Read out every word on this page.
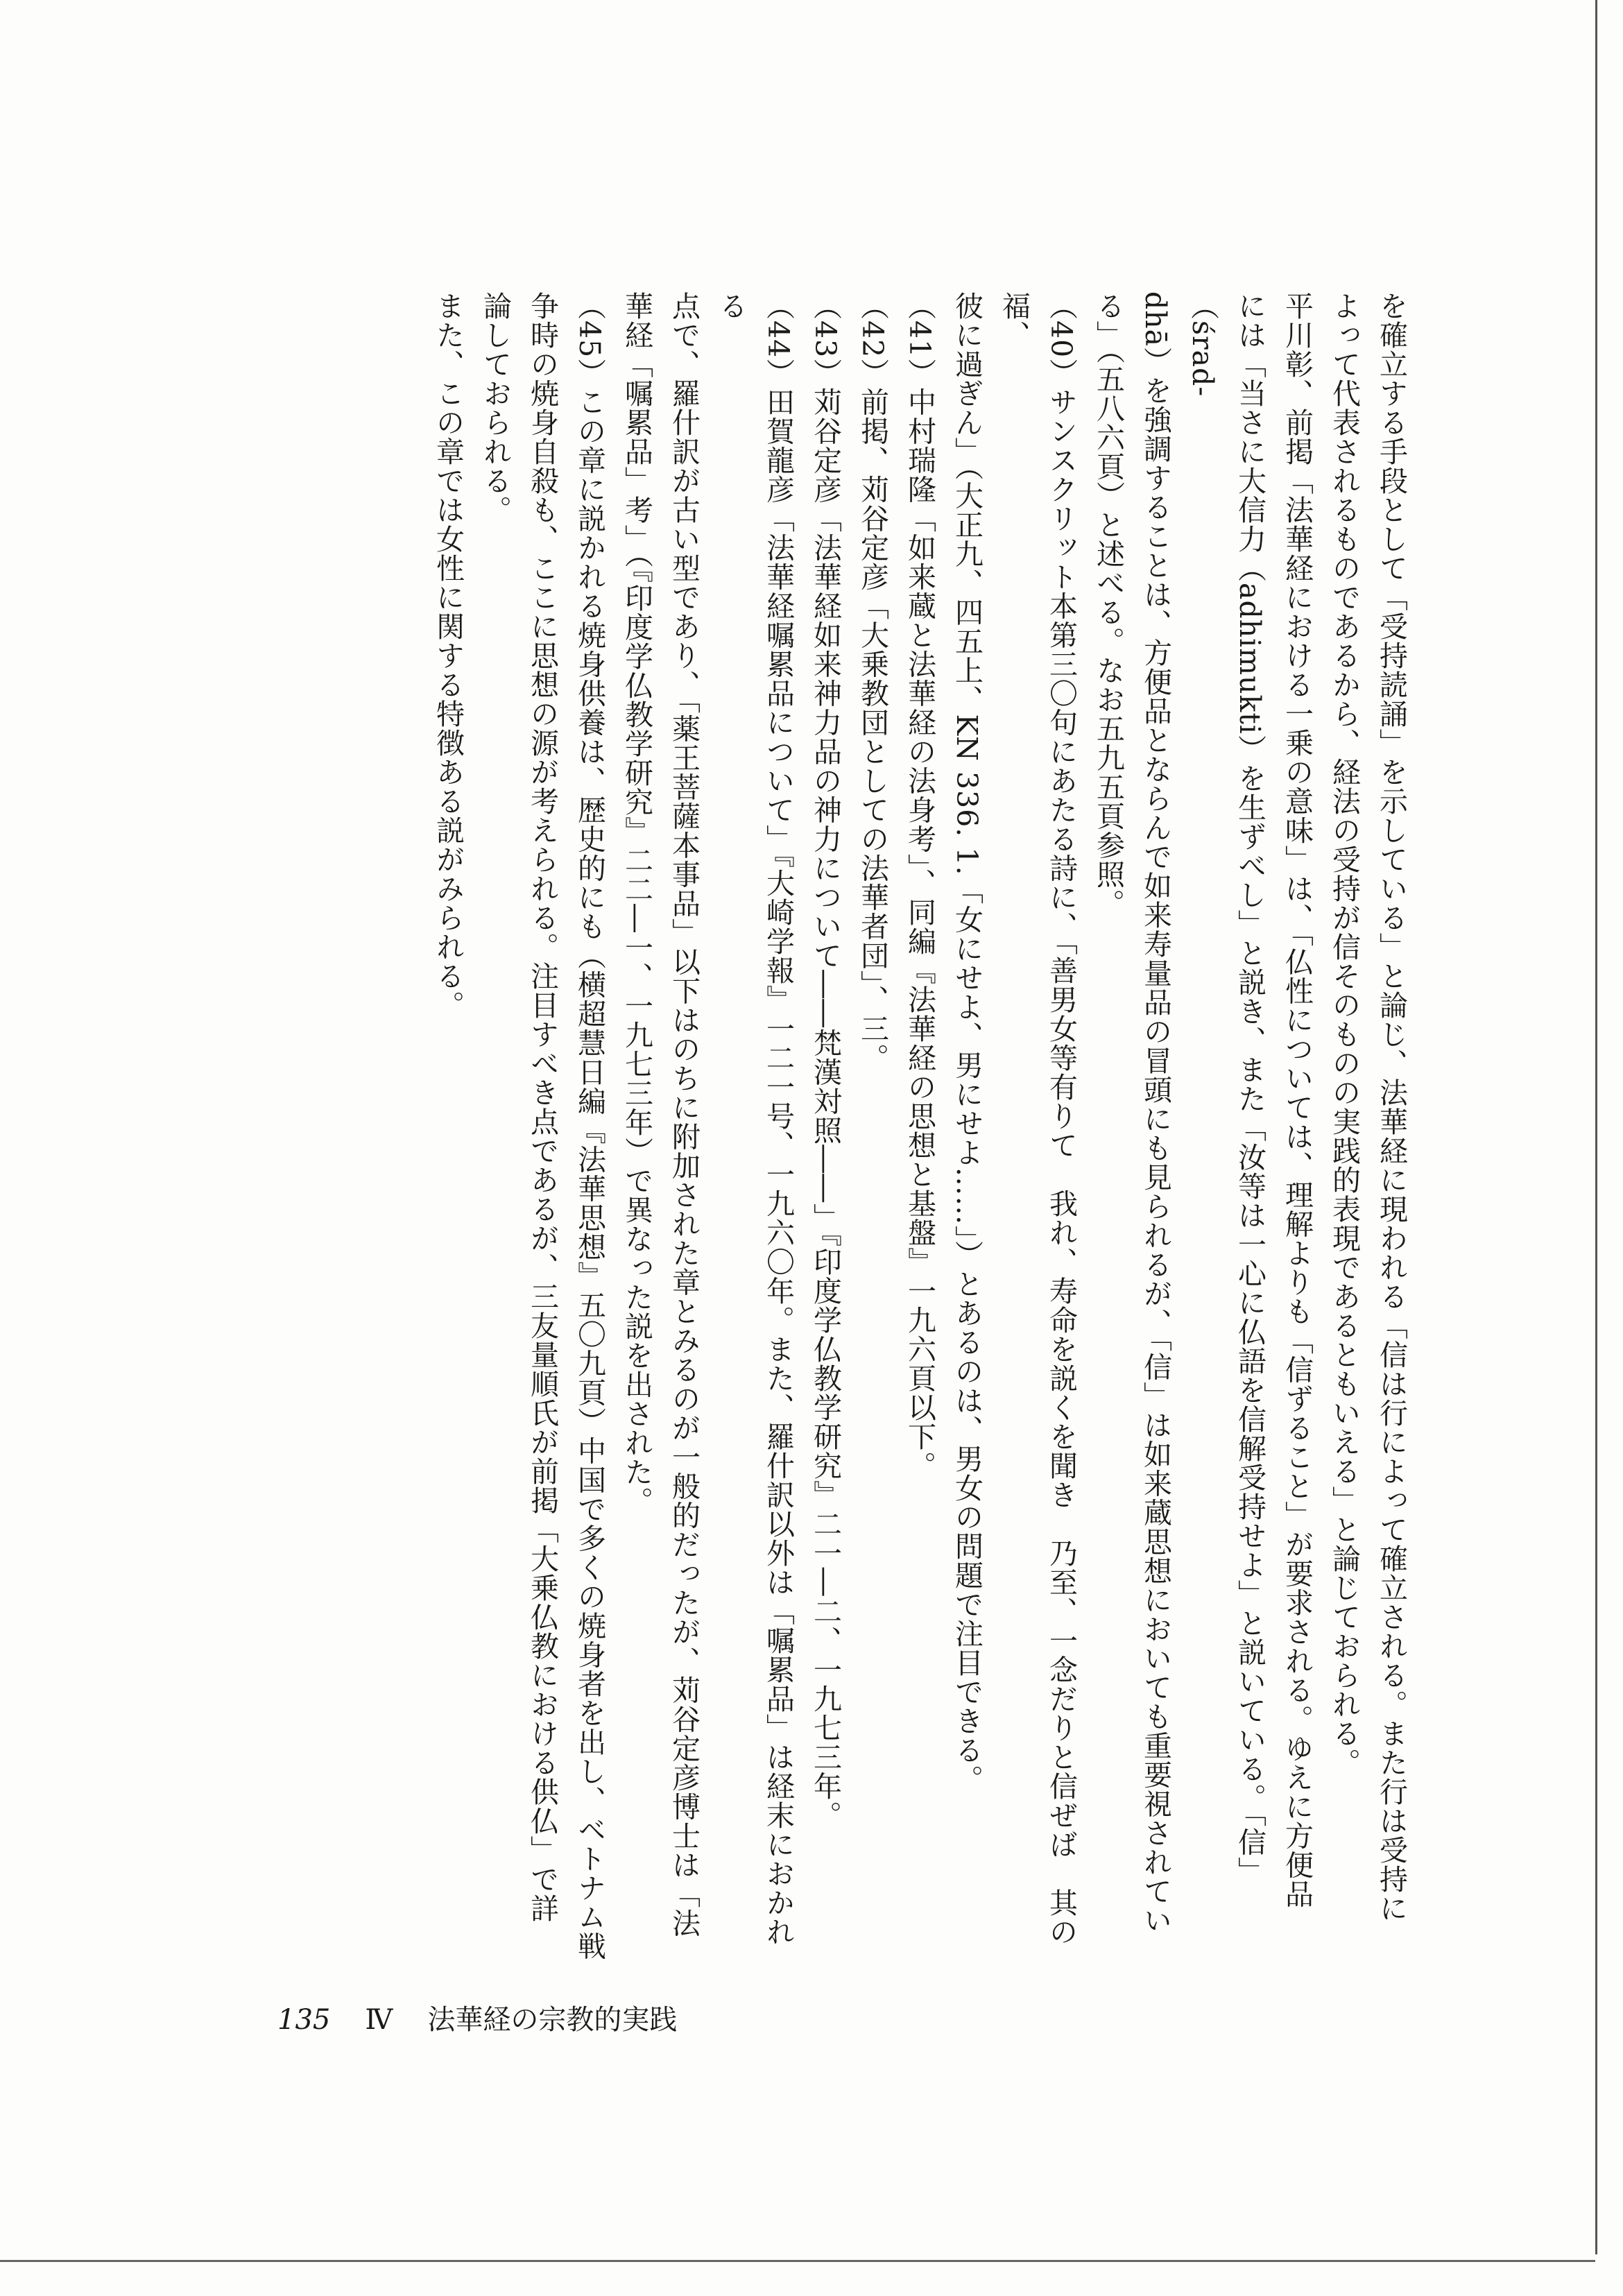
を確立する手段として「受持読誦」を示している」と論じ、法華経に現われる「信は行によって確立される。また行は受持に

よって代表されるものであるから、経法の受持が信そのものの実践的表現であるともいえる」と論じておられる。

平川彰、前掲「法華経における一乗の意味」は、「仏性については、理解よりも「信ずること」が要求される。ゆえに方便品

には「当さに大信力（adhimukti）を生ずべし」と説き、また「汝等は一心に仏語を信解受持せよ」と説いている。「信」（śrad-

dhā）を強調することは、方便品とならんで如来寿量品の冒頭にも見られるが、「信」は如来蔵思想においても重要視されてい

る」（五八六頁）と述べる。なお五九五頁参照。

（40）サンスクリット本第三〇句にあたる詩に、「善男女等有りて　我れ、寿命を説くを聞き　乃至、一念だりと信ぜば　其の福、

彼に過ぎん」（大正九、四五上、KN 336. 1.「女にせよ、男にせよ……」）とあるのは、男女の問題で注目できる。

（41）中村瑞隆「如来蔵と法華経の法身考」、同編『法華経の思想と基盤』一九六頁以下。

（42）前掲、苅谷定彦「大乗教団としての法華者団」、三。

（43）苅谷定彦「法華経如来神力品の神力について――梵漢対照――」『印度学仏教学研究』二一―二、一九七三年。

（44）田賀龍彦「法華経嘱累品について」『大崎学報』一二一号、一九六〇年。また、羅什訳以外は「嘱累品」は経末におかれる

点で、羅什訳が古い型であり、「薬王菩薩本事品」以下はのちに附加された章とみるのが一般的だったが、苅谷定彦博士は「法

華経「嘱累品」考」（『印度学仏教学研究』二二―一、一九七三年）で異なった説を出された。

（45）この章に説かれる焼身供養は、歴史的にも（横超慧日編『法華思想』五〇九頁）中国で多くの焼身者を出し、ベトナム戦

争時の焼身自殺も、ここに思想の源が考えられる。注目すべき点であるが、三友量順氏が前掲「大乗仏教における供仏」で詳

論しておられる。

また、この章では女性に関する特徴ある説がみられる。

135 Ⅳ 法華経の宗教的実践
